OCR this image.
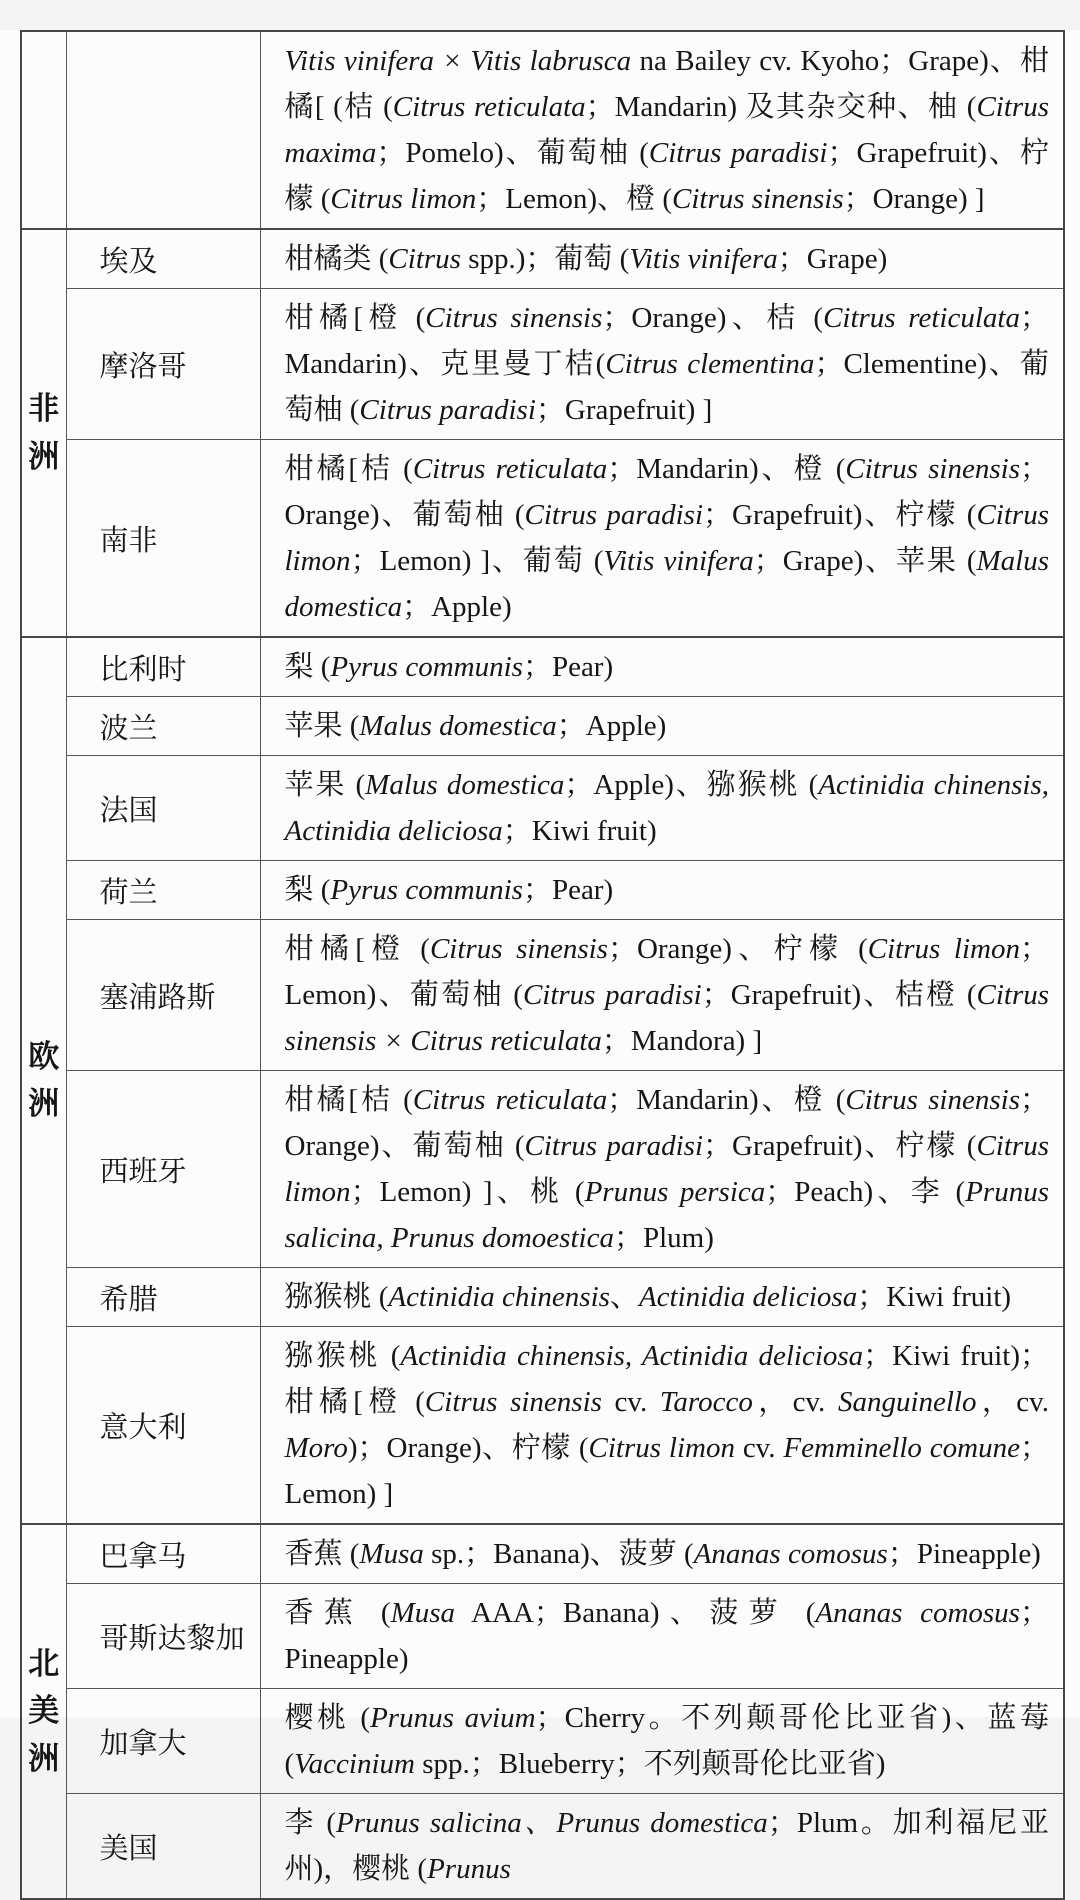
		Vitis vinifera × Vitis labrusca na Bailey cv. Kyoho；Grape)、柑橘[ (桔 (Citrus reticulata；Mandarin) 及其杂交种、柚 (Citrus maxima；Pomelo)、葡萄柚 (Citrus paradisi；Grapefruit)、柠檬 (Citrus limon；Lemon)、橙 (Citrus sinensis；Orange) ]

非
洲	埃及	柑橘类 (Citrus spp.)；葡萄 (Vitis vinifera；Grape)
	摩洛哥	柑橘[橙 (Citrus sinensis；Orange)、桔 (Citrus reticulata；Mandarin)、克里曼丁桔(Citrus clementina；Clementine)、葡萄柚 (Citrus paradisi；Grapefruit) ]
	南非	柑橘[桔 (Citrus reticulata；Mandarin)、橙 (Citrus sinensis；Orange)、葡萄柚 (Citrus paradisi；Grapefruit)、柠檬 (Citrus limon；Lemon) ]、葡萄 (Vitis vinifera；Grape)、苹果 (Malus domestica；Apple)

欧
洲	比利时	梨 (Pyrus communis；Pear)
	波兰	苹果 (Malus domestica；Apple)
	法国	苹果 (Malus domestica；Apple)、猕猴桃 (Actinidia chinensis, Actinidia deliciosa；Kiwi fruit)
	荷兰	梨 (Pyrus communis；Pear)
	塞浦路斯	柑橘[橙 (Citrus sinensis；Orange)、柠檬 (Citrus limon；Lemon)、葡萄柚 (Citrus paradisi；Grapefruit)、桔橙 (Citrus sinensis × Citrus reticulata；Mandora) ]
	西班牙	柑橘[桔 (Citrus reticulata；Mandarin)、橙 (Citrus sinensis；Orange)、葡萄柚 (Citrus paradisi；Grapefruit)、柠檬 (Citrus limon；Lemon) ]、桃 (Prunus persica；Peach)、李 (Prunus salicina, Prunus domoestica；Plum)
	希腊	猕猴桃 (Actinidia chinensis、Actinidia deliciosa；Kiwi fruit)
	意大利	猕猴桃 (Actinidia chinensis, Actinidia deliciosa；Kiwi fruit)；柑橘[橙 (Citrus sinensis cv. Tarocco，cv. Sanguinello，cv. Moro)；Orange)、柠檬 (Citrus limon cv. Femminello comune；Lemon) ]

北
美
洲	巴拿马	香蕉 (Musa sp.；Banana)、菠萝 (Ananas comosus；Pineapple)
	哥斯达黎加	香蕉 (Musa AAA；Banana)、菠萝 (Ananas comosus；Pineapple)
	加拿大	樱桃 (Prunus avium；Cherry。不列颠哥伦比亚省)、蓝莓 (Vaccinium spp.；Blueberry；不列颠哥伦比亚省)
	美国	李 (Prunus salicina、Prunus domestica；Plum。加利福尼亚州)，樱桃 (Prunus
